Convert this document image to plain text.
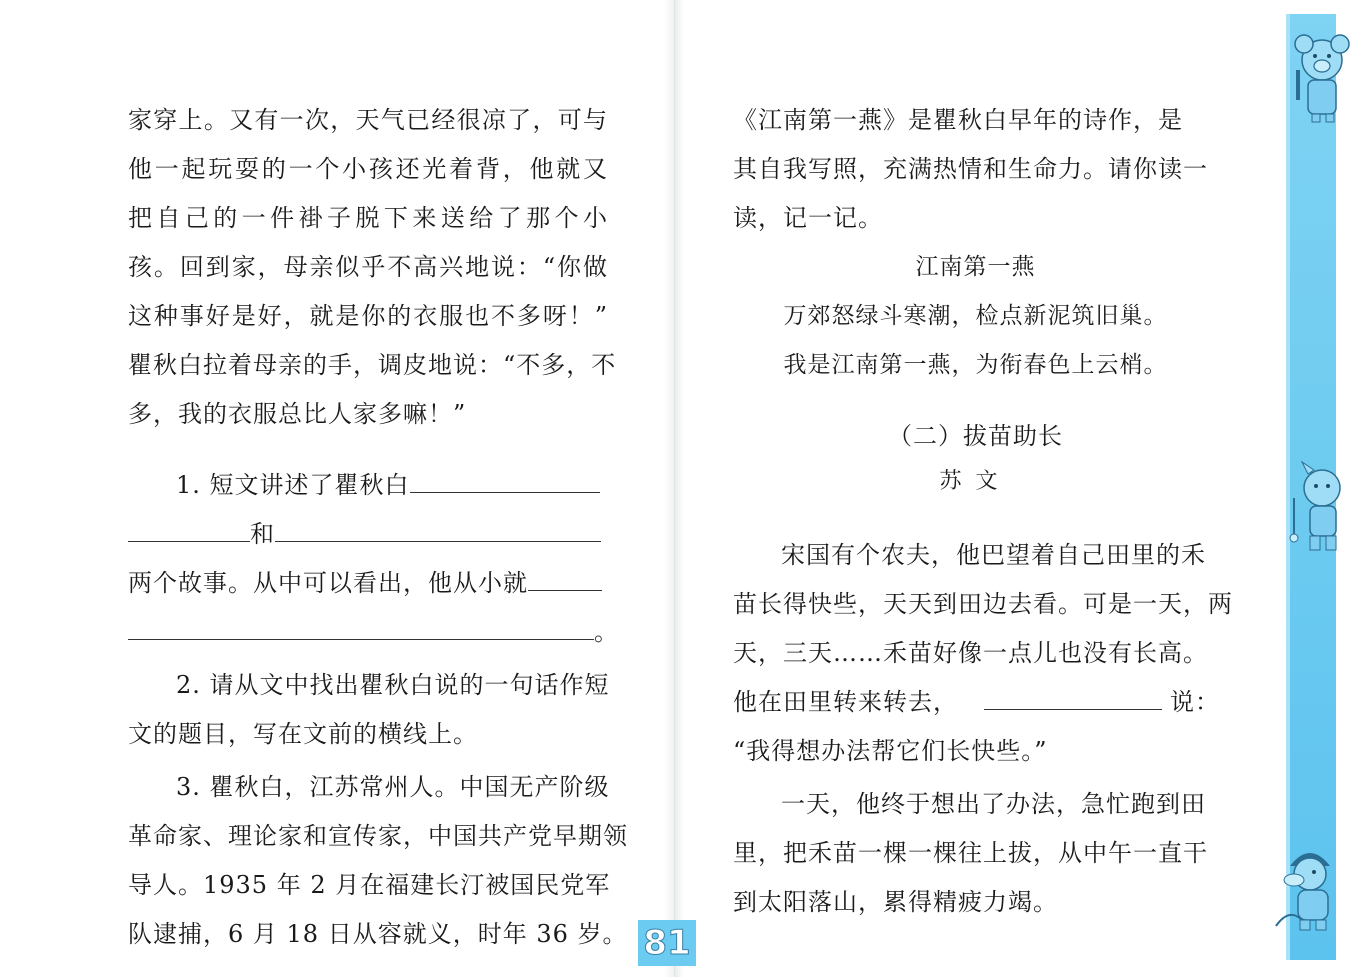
家穿上。又有一次，天气已经很凉了，可与
他一起玩耍的一个小孩还光着背，他就又
把自己的一件褂子脱下来送给了那个小
孩。回到家，母亲似乎不高兴地说：“你做
这种事好是好，就是你的衣服也不多呀！”
瞿秋白拉着母亲的手，调皮地说：“不多，不
多，我的衣服总比人家多嘛！”
1. 短文讲述了瞿秋白
和
两个故事。从中可以看出，他从小就
。
2. 请从文中找出瞿秋白说的一句话作短
文的题目，写在文前的横线上。
3. 瞿秋白，江苏常州人。中国无产阶级
革命家、理论家和宣传家，中国共产党早期领
导人。1935 年 2 月在福建长汀被国民党军
队逮捕，6 月 18 日从容就义，时年 36 岁。
《江南第一燕》是瞿秋白早年的诗作，是
其自我写照，充满热情和生命力。请你读一
读，记一记。
江南第一燕
万郊怒绿斗寒潮，检点新泥筑旧巢。
我是江南第一燕，为衔春色上云梢。
（二）拔苗助长
苏文
宋国有个农夫，他巴望着自己田里的禾
苗长得快些，天天到田边去看。可是一天，两
天，三天……禾苗好像一点儿也没有长高。
他在田里转来转去，	说：
“我得想办法帮它们长快些。”
一天，他终于想出了办法，急忙跑到田
里，把禾苗一棵一棵往上拔，从中午一直干
到太阳落山，累得精疲力竭。
81
